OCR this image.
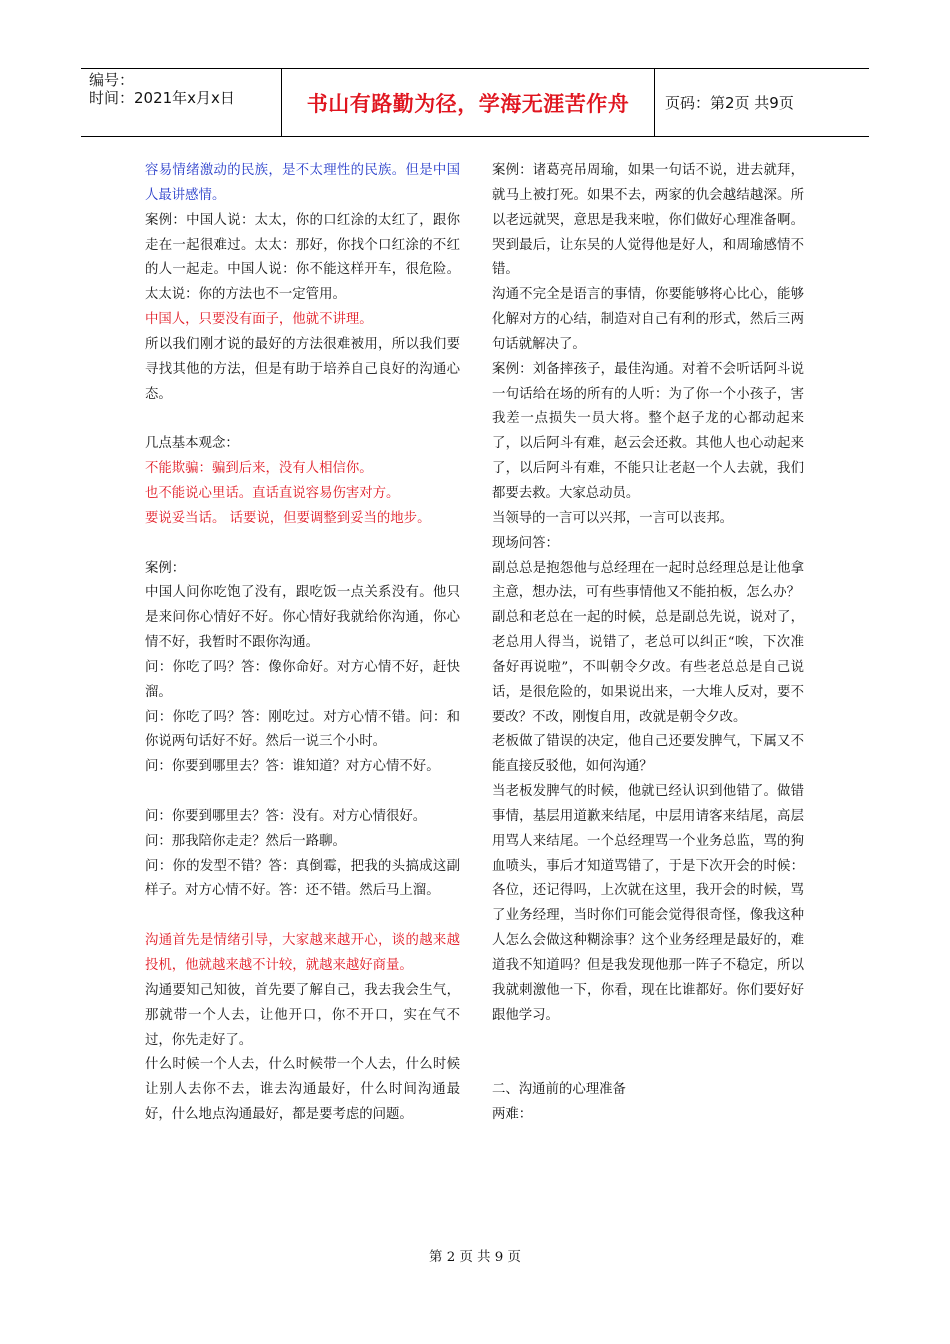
编号：
时间：2021年x月x日	书山有路勤为径，学海无涯苦作舟 页码：第2页 共9页

容易情绪激动的民族，是不太理性的民族。但是中国人最讲感情。

案例：中国人说：太太，你的口红涂的太红了，跟你走在一起很难过。太太：那好，你找个口红涂的不红的人一起走。中国人说：你不能这样开车，很危险。太太说：你的方法也不一定管用。

中国人，只要没有面子，他就不讲理。

所以我们刚才说的最好的方法很难被用，所以我们要寻找其他的方法，但是有助于培养自己良好的沟通心态。

几点基本观念：

不能欺骗：骗到后来，没有人相信你。

也不能说心里话。直话直说容易伤害对方。

要说妥当话。 话要说，但要调整到妥当的地步。

案例：

中国人问你吃饱了没有，跟吃饭一点关系没有。他只是来问你心情好不好。你心情好我就给你沟通，你心情不好，我暂时不跟你沟通。

问：你吃了吗？答：像你命好。对方心情不好，赶快溜。

问：你吃了吗？答：刚吃过。对方心情不错。问：和你说两句话好不好。然后一说三个小时。

问：你要到哪里去？答：谁知道？对方心情不好。

问：你要到哪里去？答：没有。对方心情很好。

问：那我陪你走走？然后一路聊。

问：你的发型不错？答：真倒霉，把我的头搞成这副样子。对方心情不好。答：还不错。然后马上溜。

沟通首先是情绪引导，大家越来越开心，谈的越来越投机，他就越来越不计较，就越来越好商量。

沟通要知己知彼，首先要了解自己，我去我会生气，那就带一个人去，让他开口，你不开口，实在气不过，你先走好了。

什么时候一个人去，什么时候带一个人去，什么时候让别人去你不去，谁去沟通最好，什么时间沟通最好，什么地点沟通最好，都是要考虑的问题。

案例：诸葛亮吊周瑜，如果一句话不说，进去就拜，就马上被打死。如果不去，两家的仇会越结越深。所以老远就哭，意思是我来啦，你们做好心理准备啊。哭到最后，让东吴的人觉得他是好人，和周瑜感情不错。

沟通不完全是语言的事情，你要能够将心比心，能够化解对方的心结，制造对自己有利的形式，然后三两句话就解决了。

案例：刘备摔孩子，最佳沟通。对着不会听话阿斗说一句话给在场的所有的人听：为了你一个小孩子，害我差一点损失一员大将。整个赵子龙的心都动起来了，以后阿斗有难，赵云会还救。其他人也心动起来了，以后阿斗有难，不能只让老赵一个人去就，我们都要去救。大家总动员。

当领导的一言可以兴邦，一言可以丧邦。

现场问答：

副总总是抱怨他与总经理在一起时总经理总是让他拿主意，想办法，可有些事情他又不能拍板，怎么办？

副总和老总在一起的时候，总是副总先说，说对了，老总用人得当，说错了，老总可以纠正“唉，下次准备好再说啦”，不叫朝令夕改。有些老总总是自己说话，是很危险的，如果说出来，一大堆人反对，要不要改？不改，刚愎自用，改就是朝令夕改。

老板做了错误的决定，他自己还要发脾气，下属又不能直接反驳他，如何沟通？

当老板发脾气的时候，他就已经认识到他错了。做错事情，基层用道歉来结尾，中层用请客来结尾，高层用骂人来结尾。一个总经理骂一个业务总监，骂的狗血喷头，事后才知道骂错了，于是下次开会的时候：各位，还记得吗，上次就在这里，我开会的时候，骂了业务经理，当时你们可能会觉得很奇怪，像我这种人怎么会做这种糊涂事？这个业务经理是最好的，难道我不知道吗？但是我发现他那一阵子不稳定，所以我就刺激他一下，你看，现在比谁都好。你们要好好跟他学习。

二、沟通前的心理准备

两难：

第 2 页 共 9 页
